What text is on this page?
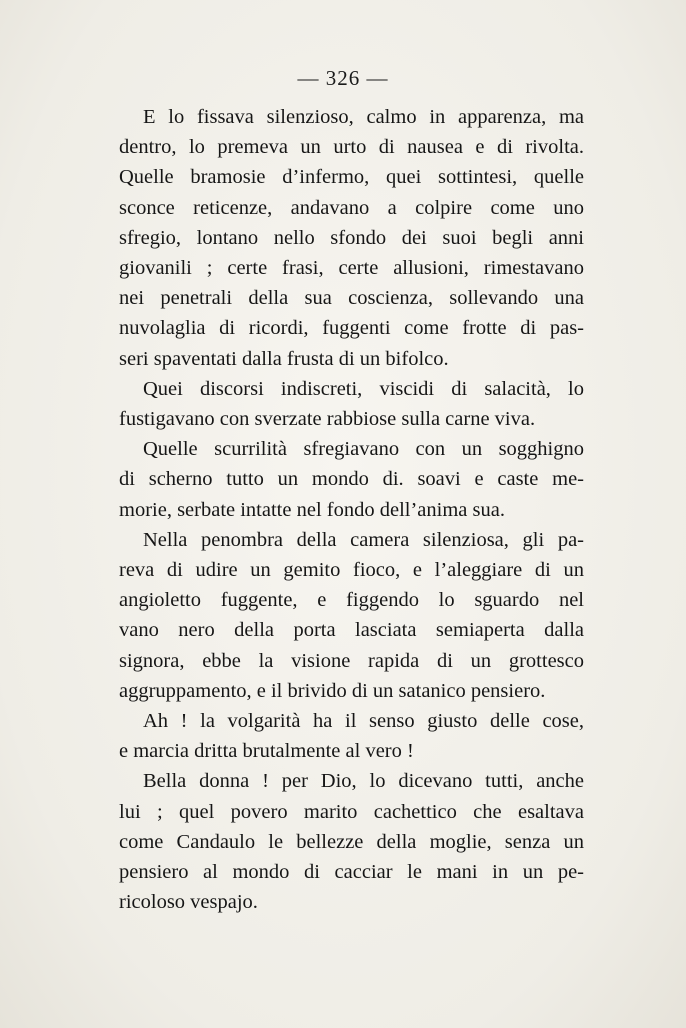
— 326 —
E lo fissava silenzioso, calmo in apparenza, ma
dentro, lo premeva un urto di nausea e di rivolta.
Quelle bramosie d’infermo, quei sottintesi, quelle
sconce reticenze, andavano a colpire come uno
sfregio, lontano nello sfondo dei suoi begli anni
giovanili ; certe frasi, certe allusioni, rimestavano
nei penetrali della sua coscienza, sollevando una
nuvolaglia di ricordi, fuggenti come frotte di pas-
seri spaventati dalla frusta di un bifolco.
Quei discorsi indiscreti, viscidi di salacità, lo
fustigavano con sverzate rabbiose sulla carne viva.
Quelle scurrilità sfregiavano con un sogghigno
di scherno tutto un mondo di. soavi e caste me-
morie, serbate intatte nel fondo dell’anima sua.
Nella penombra della camera silenziosa, gli pa-
reva di udire un gemito fioco, e l’aleggiare di un
angioletto fuggente, e figgendo lo sguardo nel
vano nero della porta lasciata semiaperta dalla
signora, ebbe la visione rapida di un grottesco
aggruppamento, e il brivido di un satanico pensiero.
Ah ! la volgarità ha il senso giusto delle cose,
e marcia dritta brutalmente al vero !
Bella donna ! per Dio, lo dicevano tutti, anche
lui ; quel povero marito cachettico che esaltava
come Candaulo le bellezze della moglie, senza un
pensiero al mondo di cacciar le mani in un pe-
ricoloso vespajo.
